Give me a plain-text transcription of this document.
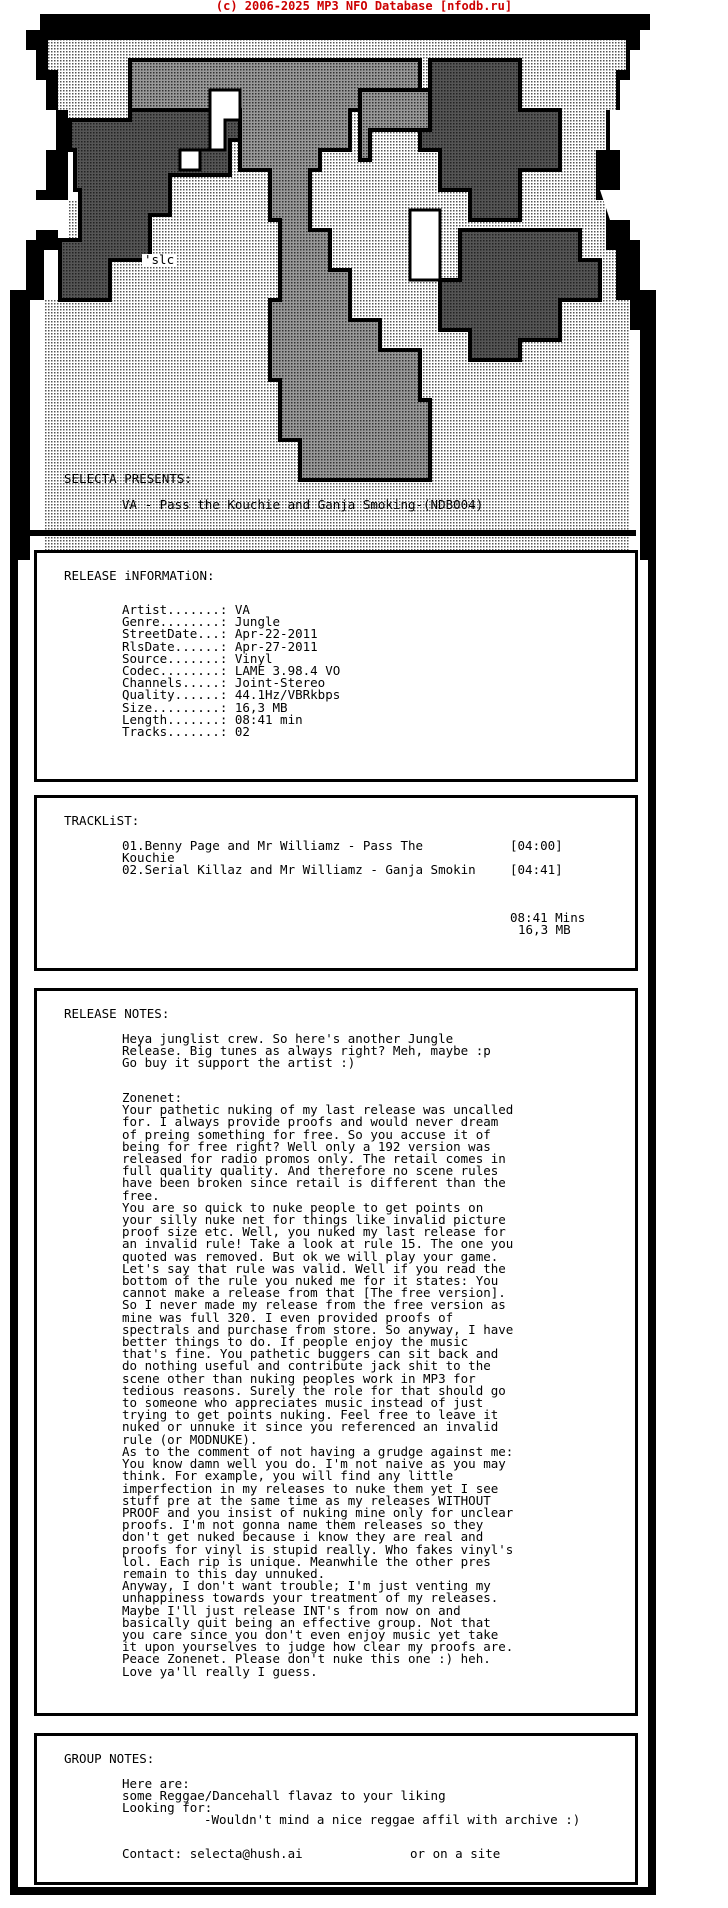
(c) 2006-2025 MP3 NFO Database [nfodb.ru]
'slc
SELECTA PRESENTS:
VA - Pass the Kouchie and Ganja Smoking-(NDB004)
RELEASE iNFORMATiON:
Artist.......: VA
Genre........: Jungle
StreetDate...: Apr-22-2011
RlsDate......: Apr-27-2011
Source.......: Vinyl
Codec........: LAME 3.98.4 VO
Channels.....: Joint-Stereo
Quality......: 44.1Hz/VBRkbps
Size.........: 16,3 MB
Length.......: 08:41 min
Tracks.......: 02
TRACKLiST:
01.Benny Page and Mr Williamz - Pass The	[04:00]
Kouchie
02.Serial Killaz and Mr Williamz - Ganja Smokin	[04:41]
08:41 Mins
16,3 MB
RELEASE NOTES:
Heya junglist crew. So here's another Jungle
Release. Big tunes as always right? Meh, maybe :p
Go buy it support the artist :)
Zonenet:
Your pathetic nuking of my last release was uncalled
for. I always provide proofs and would never dream
of preing something for free. So you accuse it of
being for free right? Well only a 192 version was
released for radio promos only. The retail comes in
full quality quality. And therefore no scene rules
have been broken since retail is different than the
free.
You are so quick to nuke people to get points on
your silly nuke net for things like invalid picture
proof size etc. Well, you nuked my last release for
an invalid rule! Take a look at rule 15. The one you
quoted was removed. But ok we will play your game.
Let's say that rule was valid. Well if you read the
bottom of the rule you nuked me for it states: You
cannot make a release from that [The free version].
So I never made my release from the free version as
mine was full 320. I even provided proofs of
spectrals and purchase from store. So anyway, I have
better things to do. If people enjoy the music
that's fine. You pathetic buggers can sit back and
do nothing useful and contribute jack shit to the
scene other than nuking peoples work in MP3 for
tedious reasons. Surely the role for that should go
to someone who appreciates music instead of just
trying to get points nuking. Feel free to leave it
nuked or unnuke it since you referenced an invalid
rule (or MODNUKE).
As to the comment of not having a grudge against me:
You know damn well you do. I'm not naive as you may
think. For example, you will find any little
imperfection in my releases to nuke them yet I see
stuff pre at the same time as my releases WITHOUT
PROOF and you insist of nuking mine only for unclear
proofs. I'm not gonna name them releases so they
don't get nuked because i know they are real and
proofs for vinyl is stupid really. Who fakes vinyl's
lol. Each rip is unique. Meanwhile the other pres
remain to this day unnuked.
Anyway, I don't want trouble; I'm just venting my
unhappiness towards your treatment of my releases.
Maybe I'll just release INT's from now on and
basically quit being an effective group. Not that
you care since you don't even enjoy music yet take
it upon yourselves to judge how clear my proofs are.
Peace Zonenet. Please don't nuke this one :) heh.
Love ya'll really I guess.
GROUP NOTES:
Here are:
some Reggae/Dancehall flavaz to your liking
Looking for:
-Wouldn't mind a nice reggae affil with archive :)
Contact: selecta@hush.ai	or on a site
